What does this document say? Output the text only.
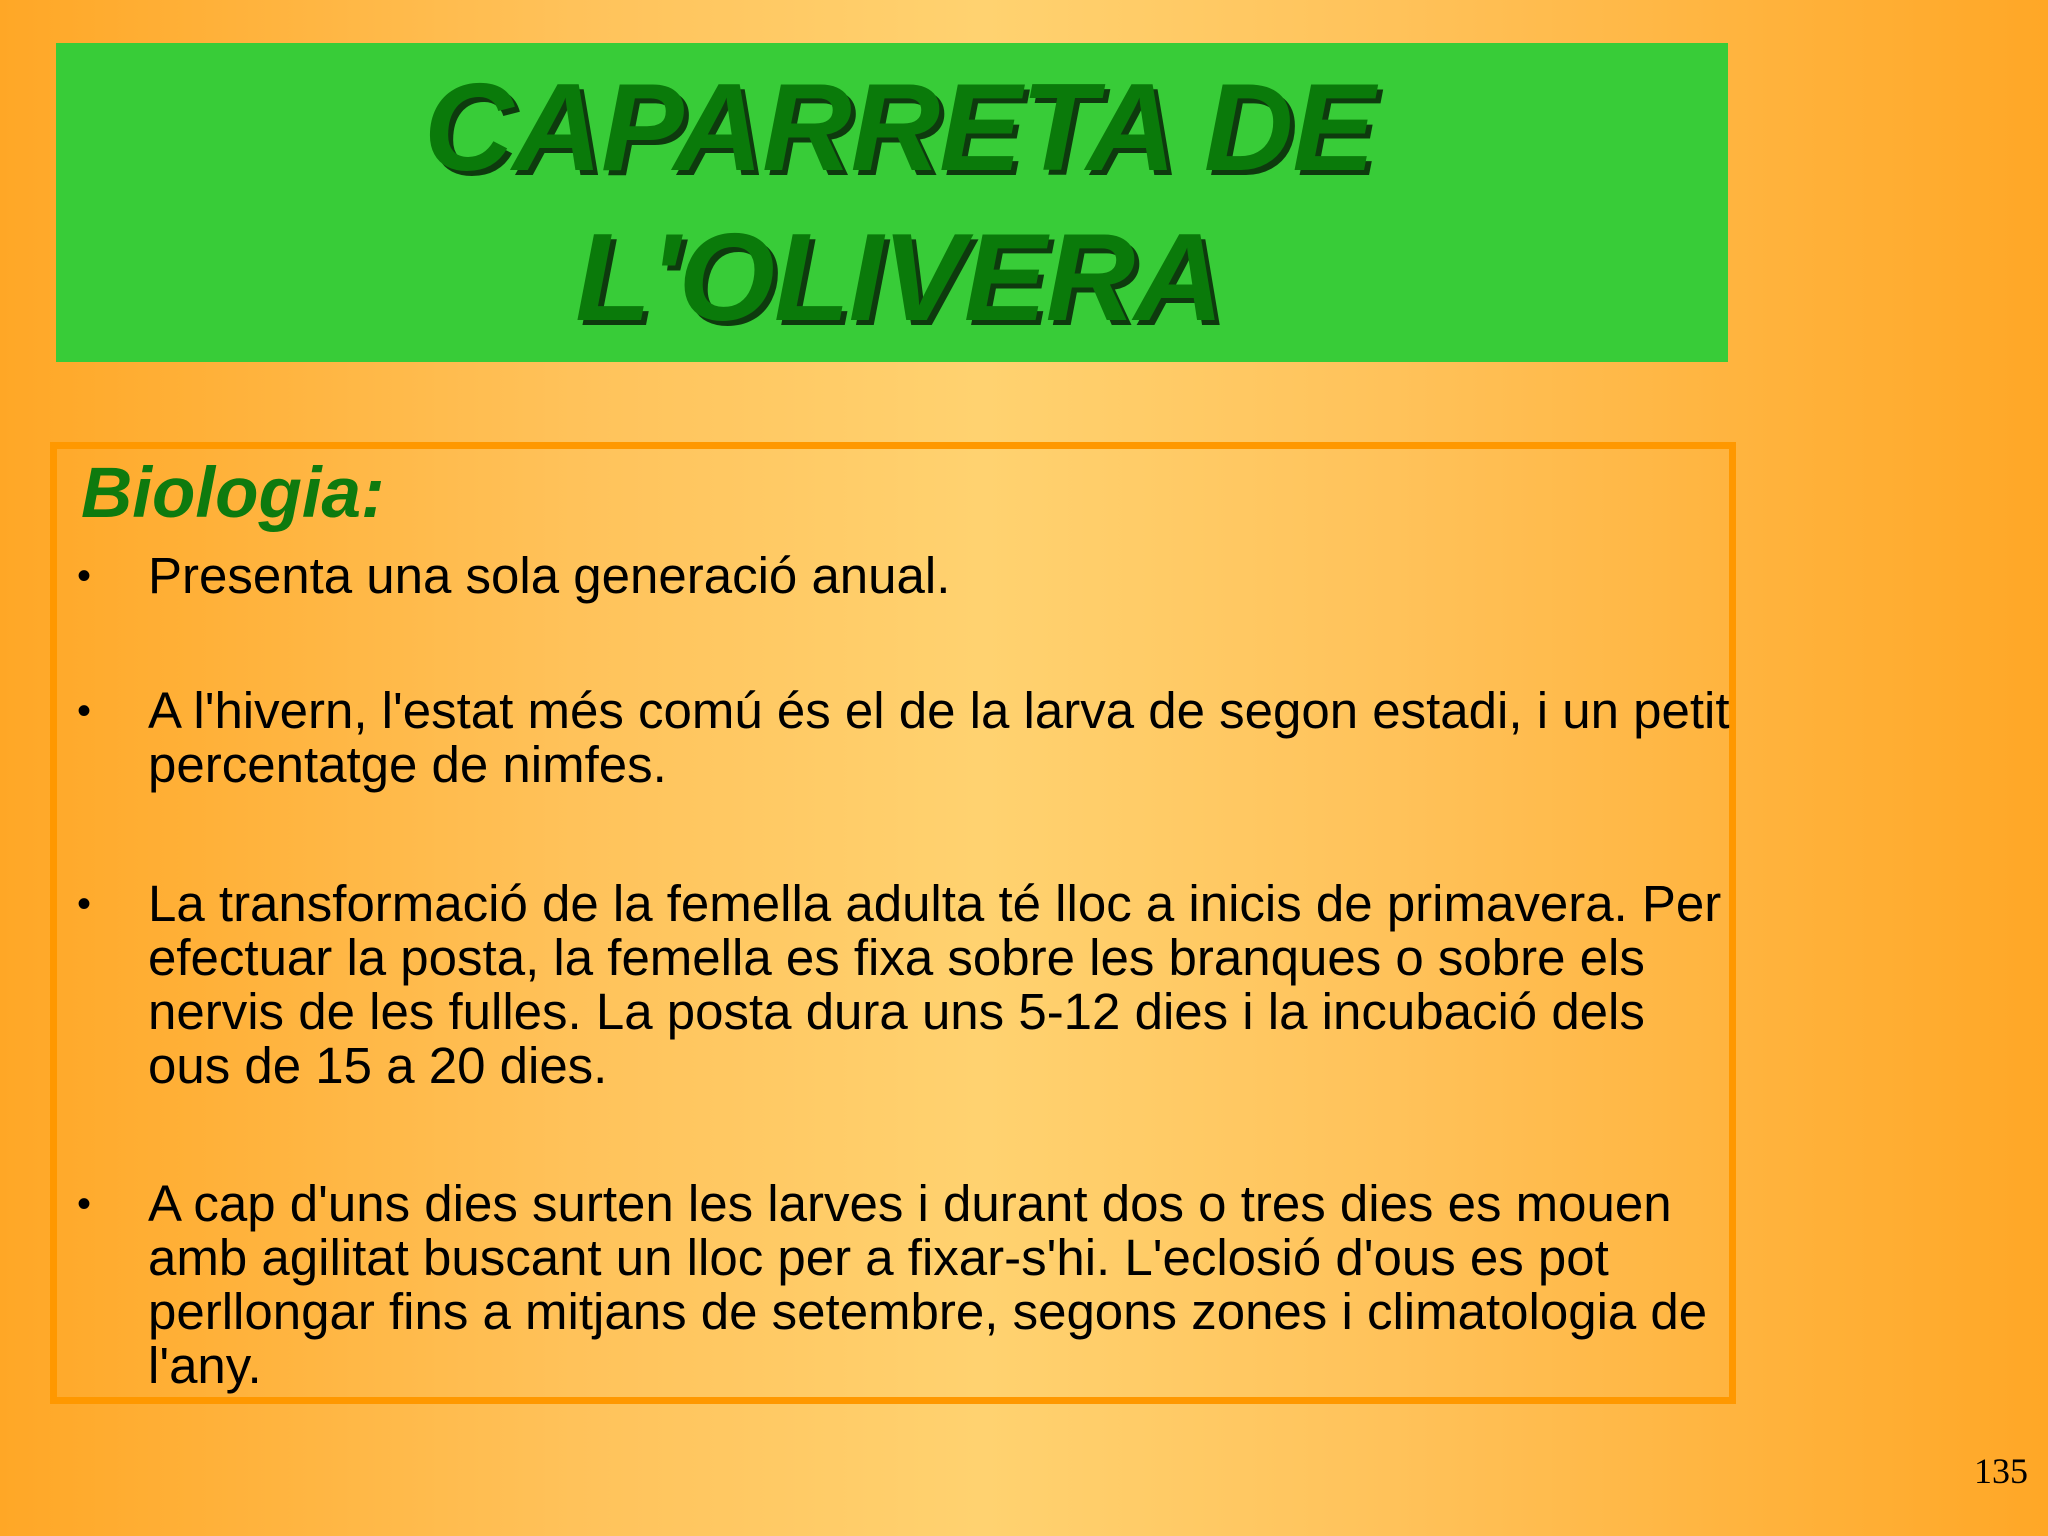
CAPARRETA DE
L'OLIVERA
Biologia:
• Presenta una sola generació anual.

• A l'hivern, l'estat més comú és el de la larva de segon estadi, i un petit percentatge de nimfes.

• La transformació de la femella adulta té lloc a inicis de primavera. Per efectuar la posta, la femella es fixa sobre les branques o sobre els nervis de les fulles. La posta dura uns 5-12 dies i la incubació dels ous de 15 a 20 dies.

• A cap d'uns dies surten les larves i durant dos o tres dies es mouen amb agilitat buscant un lloc per a fixar-s'hi. L'eclosió d'ous es pot perllongar fins a mitjans de setembre, segons zones i climatologia de l'any.

135
